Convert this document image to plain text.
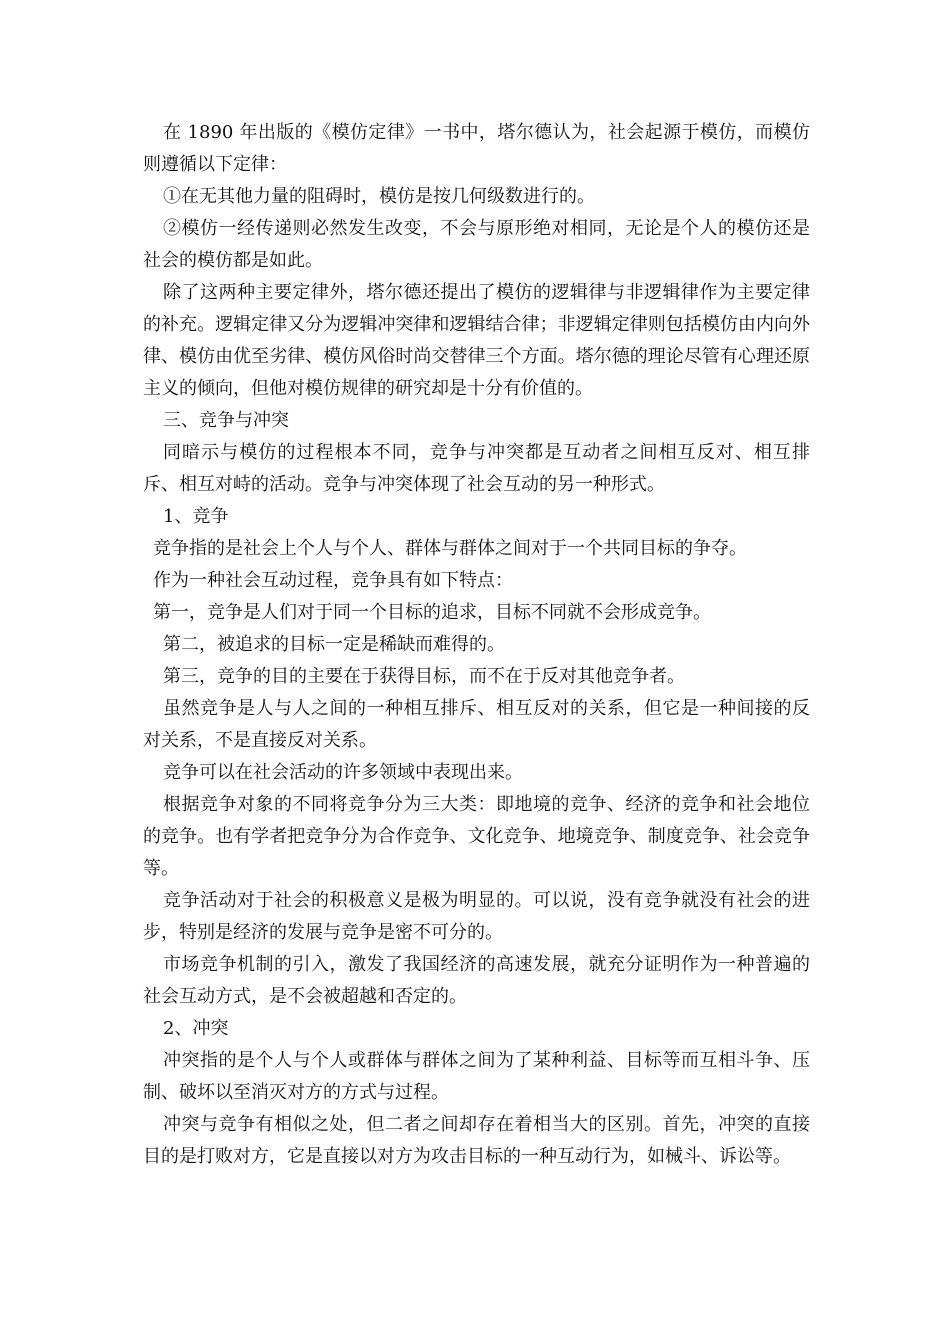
在 1890 年出版的《模仿定律》一书中，塔尔德认为，社会起源于模仿，而模仿则遵循以下定律：

①在无其他力量的阻碍时，模仿是按几何级数进行的。

②模仿一经传递则必然发生改变，不会与原形绝对相同，无论是个人的模仿还是社会的模仿都是如此。

除了这两种主要定律外，塔尔德还提出了模仿的逻辑律与非逻辑律作为主要定律的补充。逻辑定律又分为逻辑冲突律和逻辑结合律；非逻辑定律则包括模仿由内向外律、模仿由优至劣律、模仿风俗时尚交替律三个方面。塔尔德的理论尽管有心理还原主义的倾向，但他对模仿规律的研究却是十分有价值的。

三、竞争与冲突

同暗示与模仿的过程根本不同，竞争与冲突都是互动者之间相互反对、相互排斥、相互对峙的活动。竞争与冲突体现了社会互动的另一种形式。

1、竞争

竞争指的是社会上个人与个人、群体与群体之间对于一个共同目标的争夺。

作为一种社会互动过程，竞争具有如下特点：

第一，竞争是人们对于同一个目标的追求，目标不同就不会形成竞争。

第二，被追求的目标一定是稀缺而难得的。

第三，竞争的目的主要在于获得目标，而不在于反对其他竞争者。

虽然竞争是人与人之间的一种相互排斥、相互反对的关系，但它是一种间接的反对关系，不是直接反对关系。

竞争可以在社会活动的许多领域中表现出来。

根据竞争对象的不同将竞争分为三大类：即地境的竞争、经济的竞争和社会地位的竞争。也有学者把竞争分为合作竞争、文化竞争、地境竞争、制度竞争、社会竞争等。

竞争活动对于社会的积极意义是极为明显的。可以说，没有竞争就没有社会的进步，特别是经济的发展与竞争是密不可分的。

市场竞争机制的引入，激发了我国经济的高速发展，就充分证明作为一种普遍的社会互动方式，是不会被超越和否定的。

2、冲突

冲突指的是个人与个人或群体与群体之间为了某种利益、目标等而互相斗争、压制、破坏以至消灭对方的方式与过程。

冲突与竞争有相似之处，但二者之间却存在着相当大的区别。首先，冲突的直接目的是打败对方，它是直接以对方为攻击目标的一种互动行为，如械斗、诉讼等。
